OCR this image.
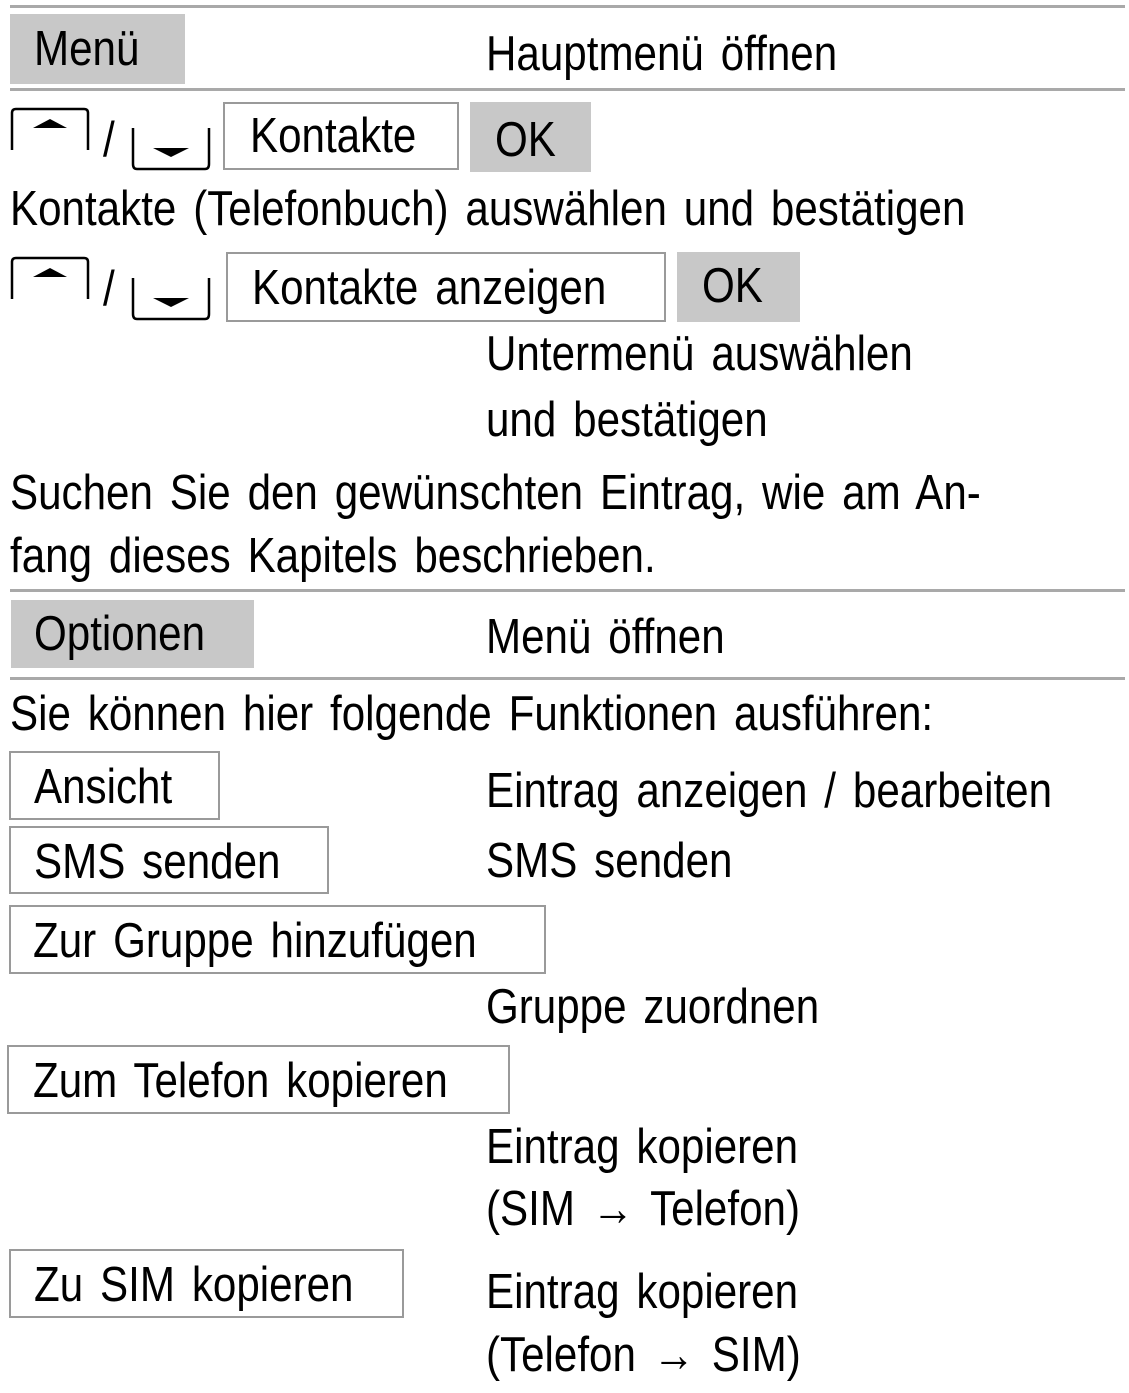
Menü	Hauptmenü öffnen
/	Kontakte OK
Kontakte (Telefonbuch) auswählen und bestätigen
/	Kontakte anzeigen OK
Untermenü auswählen
und bestätigen
Suchen Sie den gewünschten Eintrag, wie am An-
fang dieses Kapitels beschrieben.
Optionen	Menü öffnen
Sie können hier folgende Funktionen ausführen:
Ansicht	Eintrag anzeigen / bearbeiten
SMS senden	SMS senden
Zur Gruppe hinzufügen
Gruppe zuordnen
Zum Telefon kopieren
Eintrag kopieren
(SIM → Telefon)
Zu SIM kopieren	Eintrag kopieren
(Telefon → SIM)
